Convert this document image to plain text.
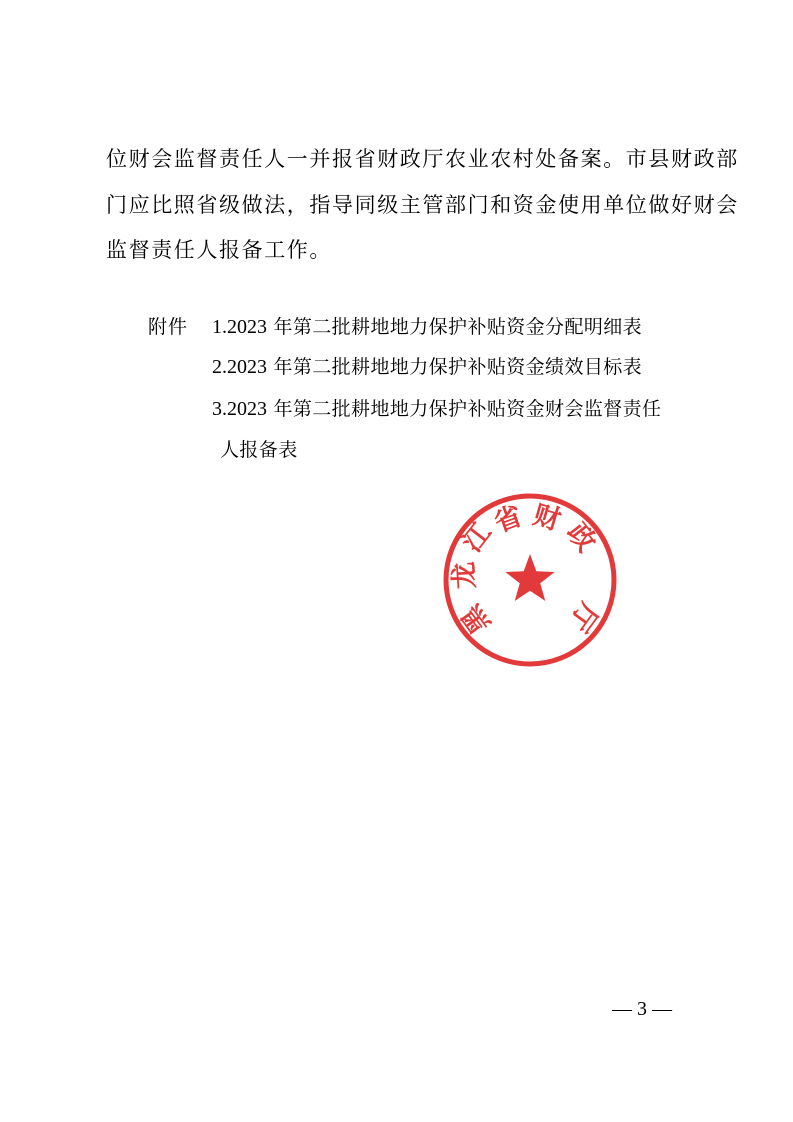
位财会监督责任人一并报省财政厅农业农村处备案。市县财政部
门应比照省级做法，指导同级主管部门和资金使用单位做好财会
监督责任人报备工作。
附件 1.2023 年第二批耕地地力保护补贴资金分配明细表
2.2023 年第二批耕地地力保护补贴资金绩效目标表
3.2023 年第二批耕地地力保护补贴资金财会监督责任
人报备表
黑
龙
江
省 财
政
厅
— 3 —
